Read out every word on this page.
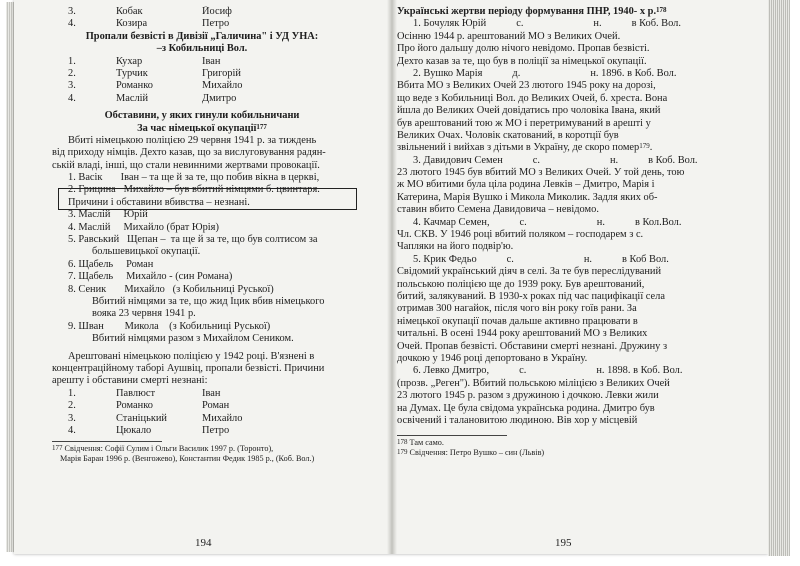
3.	Кобак	Йосиф
4.	Козира	Петро
Пропали безвісті в Дивізії „Галичина" і УД УНА:
–з Кобильниці Вол.
1.	Кухар	Іван
2.	Турчик	Григорій
3.	Романко	Михайло
4.	Маслій	Дмитро
Обставини, у яких гинули кобильничани
За час німецької окупації$^{177}$
Вбиті німецькою поліцією 29 червня 1941 р. за тиждень
від приходу німців. Дехто казав, що за вислуговування радян-
ській владі, інші, що стали невинними жертвами провокації.
1. Васік       Іван – та ще й за те, що побив вікна в церкві,
2. Грицина   Михайло – був вбитий німцями б. цвинтаря.
Причини і обставини вбивства – незнані.
3. Маслій     Юрій
4. Маслій     Михайло (брат Юрія)
5. Равський   Щепан –  та ще й за те, що був солтисом за
большевицької окупації.
6. Щабель     Роман
7. Щабель     Михайло - (син Романа)
8. Сеник       Михайло   (з Кобильниці Руської)
Вбитий німцями за те, що жид Іцик вбив німецького
вояка 23 червня 1941 р.
9. Шван        Микола    (з Кобильниці Руської)
Вбитий німцями разом з Михайлом Сеником.
Арештовані німецькою поліцією у 1942 році. В'язнені в
концентраційному таборі Аушвіц, пропали безвісті. Причини
арешту і обставини смерті незнані:
1.	Павлюст	Іван
2.	Романко	Роман
3.	Станіцький	Михайло
4.	Цюкало	Петро
$^{177}$ Свідчення: Софії Сулим і Ольги Василик 1997 р. (Торонто),
Марія Баран 1996 р. (Венгожево), Константин Федик 1985 р., (Коб. Вол.)
194
Українські жертви періоду формування ПНР, 1940- х р.$^{178}$
1. Бочуляк Юрій	с.	н.	в Коб. Вол.
Осінню 1944 р. арештований МО з Великих Очей.
Про його дальшу долю нічого невідомо. Пропав безвісті.
Дехто казав за те, що був в поліції за німецької окупації.
2. Вушко Марія	д.	н. 1896. в Коб. Вол.
Вбита МО з Великих Очей 23 лютого 1945 року на дорозі,
що веде з Кобильниці Вол. до Великих Очей, б. хреста. Вона
йшла до Великих Очей довідатись про чоловіка Івана, який
був арештований тою ж МО і перетримуваний в арешті у
Великих Очах. Чоловік скатований, в коротції був
звільнений і вийхав з дітьми в Україну, де скоро помер$^{179}$.
3. Давидович Семен	с.	н.	в Коб. Вол.
23 лютого 1945 був вбитий МО з Великих Очей. У той день, тою
ж МО вбитими була ціла родина Левків – Дмитро, Марія і
Катерина, Марія Вушко і Микола Миколик. Задля яких об-
ставин вбито Семена Давидовича – невідомо.
4. Качмар Семен,	с.	н.	в Кол.Вол.
Чл. СКВ. У 1946 році вбитий поляком – господарем з с.
Чапляки на його подвір'ю.
5. Крик Федьо	с.	н.	в Коб Вол.
Свідомий український діяч в селі. За те був переслідуваний
польською поліцією ще до 1939 року. Був арештований,
битий, залякуваний. В 1930-х роках під час пацифікації села
отримав 300 нагайок, після чого він року гоїв рани. За
німецької окупації почав дальше активно працювати в
читальні. В осені 1944 року арештований МО з Великих
Очей. Пропав безвісті. Обставини смерті незнані. Дружину з
дочкою у 1946 році депортовано в Україну.
6. Левко Дмитро,	с.	н. 1898. в Коб. Вол.
(прозв. „Реген"). Вбитий польською міліцією з Великих Очей
23 лютого 1945 р. разом з дружиною і дочкою. Левки жили
на Думах. Це була свідома українська родина. Дмитро був
освічений і талановитою людиною. Вів хор у місцевій
$^{178}$ Там само.
$^{179}$ Свідчення: Петро Вушко – син (Львів)
195
